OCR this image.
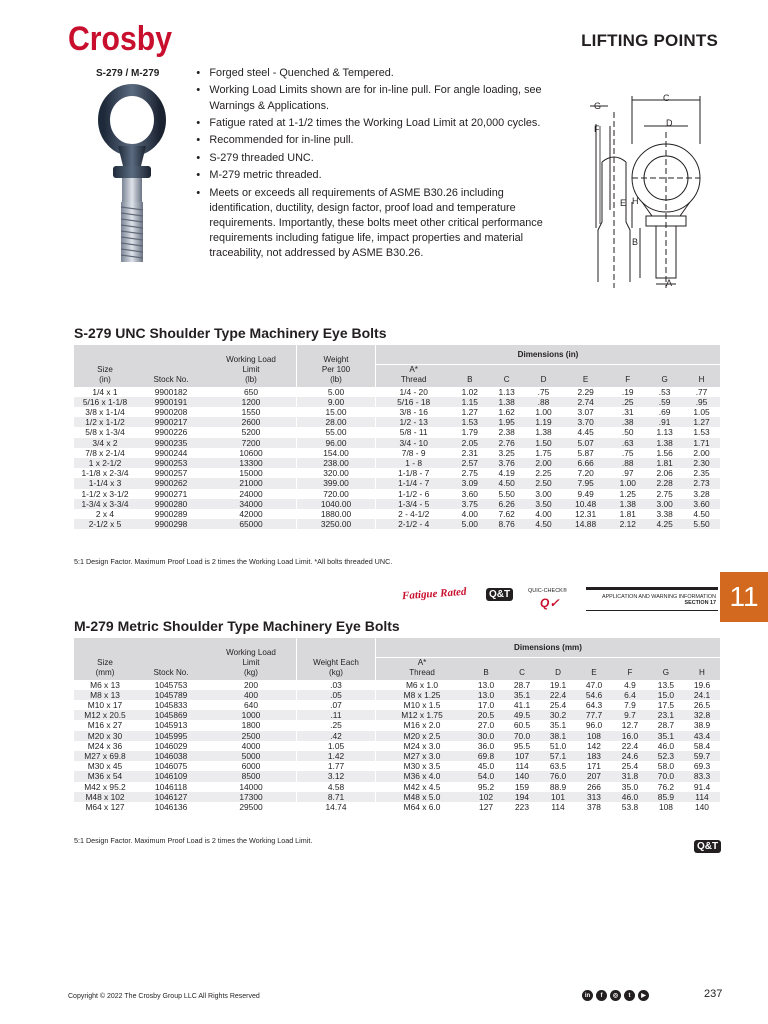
Crosby	LIFTING POINTS
S-279 / M-279	• Forged steel - Quenched & Tempered.
• Working Load Limits shown are for in-line pull. For angle loading, see Warnings & Applications.
• Fatigue rated at 1-1/2 times the Working Load Limit at 20,000 cycles.
• Recommended for in-line pull.
• S-279 threaded UNC.
• M-279 metric threaded.
• Meets or exceeds all requirements of ASME B30.26 including identification, ductility, design factor, proof load and temperature requirements. Importantly, these bolts meet other critical performance requirements including fatigue life, impact properties and material traceability, not addressed by ASME B30.26.
C
G
D
F
E H
B
A
S-279 UNC Shoulder Type Machinery Eye Bolts
Size
(in)	Stock No.	Working Load
Limit
(lb)	Weight
Per 100
(lb)	Dimensions (in)							
				A*
Thread	B	C	D	E	F	G	H
1/4 x 1	9900182	650	5.00	1/4 - 20	1.02	1.13	.75	2.29	.19	.53	.77
5/16 x 1-1/8	9900191	1200	9.00	5/16 - 18	1.15	1.38	.88	2.74	.25	.59	.95
3/8 x 1-1/4	9900208	1550	15.00	3/8 - 16	1.27	1.62	1.00	3.07	.31	.69	1.05
1/2 x 1-1/2	9900217	2600	28.00	1/2 - 13	1.53	1.95	1.19	3.70	.38	.91	1.27
5/8 x 1-3/4	9900226	5200	55.00	5/8 - 11	1.79	2.38	1.38	4.45	.50	1.13	1.53
3/4 x 2	9900235	7200	96.00	3/4 - 10	2.05	2.76	1.50	5.07	.63	1.38	1.71
7/8 x 2-1/4	9900244	10600	154.00	7/8 - 9	2.31	3.25	1.75	5.87	.75	1.56	2.00
1 x 2-1/2	9900253	13300	238.00	1 - 8	2.57	3.76	2.00	6.66	.88	1.81	2.30
1-1/8 x 2-3/4	9900257	15000	320.00	1-1/8 - 7	2.75	4.19	2.25	7.20	.97	2.06	2.35
1-1/4 x 3	9900262	21000	399.00	1-1/4 - 7	3.09	4.50	2.50	7.95	1.00	2.28	2.73
1-1/2 x 3-1/2	9900271	24000	720.00	1-1/2 - 6	3.60	5.50	3.00	9.49	1.25	2.75	3.28
1-3/4 x 3-3/4	9900280	34000	1040.00	1-3/4 - 5	3.75	6.26	3.50	10.48	1.38	3.00	3.60
2 x 4	9900289	42000	1880.00	2 - 4-1/2	4.00	7.62	4.00	12.31	1.81	3.38	4.50
2-1/2 x 5	9900298	65000	3250.00	2-1/2 - 4	5.00	8.76	4.50	14.88	2.12	4.25	5.50
5:1 Design Factor. Maximum Proof Load is 2 times the Working Load Limit. *All bolts threaded UNC.
Fatigue Rated	Q&T	QUIC-CHECK®
Q✓	APPLICATION AND WARNING INFORMATION
SECTION 17 11
M-279 Metric Shoulder Type Machinery Eye Bolts
Size
(mm)	Stock No.	Working Load
Limit
(kg)	Weight Each
(kg)	Dimensions (mm)							
				A*
Thread	B	C	D	E	F	G	H
M6 x 13	1045753	200	.03	M6 x 1.0	13.0	28.7	19.1	47.0	4.9	13.5	19.6
M8 x 13	1045789	400	.05	M8 x 1.25	13.0	35.1	22.4	54.6	6.4	15.0	24.1
M10 x 17	1045833	640	.07	M10 x 1.5	17.0	41.1	25.4	64.3	7.9	17.5	26.5
M12 x 20.5	1045869	1000	.11	M12 x 1.75	20.5	49.5	30.2	77.7	9.7	23.1	32.8
M16 x 27	1045913	1800	.25	M16 x 2.0	27.0	60.5	35.1	96.0	12.7	28.7	38.9
M20 x 30	1045995	2500	.42	M20 x 2.5	30.0	70.0	38.1	108	16.0	35.1	43.4
M24 x 36	1046029	4000	1.05	M24 x 3.0	36.0	95.5	51.0	142	22.4	46.0	58.4
M27 x 69.8	1046038	5000	1.42	M27 x 3.0	69.8	107	57.1	183	24.6	52.3	59.7
M30 x 45	1046075	6000	1.77	M30 x 3.5	45.0	114	63.5	171	25.4	58.0	69.3
M36 x 54	1046109	8500	3.12	M36 x 4.0	54.0	140	76.0	207	31.8	70.0	83.3
M42 x 95.2	1046118	14000	4.58	M42 x 4.5	95.2	159	88.9	266	35.0	76.2	91.4
M48 x 102	1046127	17300	8.71	M48 x 5.0	102	194	101	313	46.0	85.9	114
M64 x 127	1046136	29500	14.74	M64 x 6.0	127	223	114	378	53.8	108	140
5:1 Design Factor. Maximum Proof Load is 2 times the Working Load Limit.
Q&T
Copyright © 2022 The Crosby Group LLC All Rights Reserved	in	f	◎	t	▶	237
